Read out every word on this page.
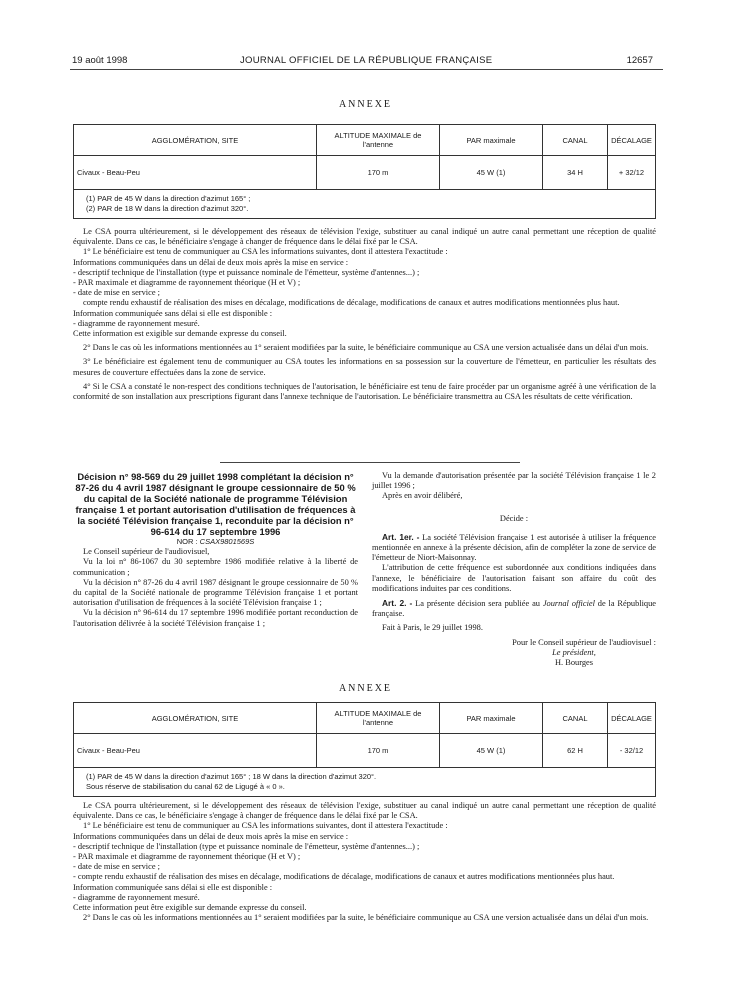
19 août 1998	JOURNAL OFFICIEL DE LA RÉPUBLIQUE FRANÇAISE	12657
ANNEXE
AGGLOMÉRATION, SITE	ALTITUDE MAXIMALE de l'antenne	PAR maximale	CANAL	DÉCALAGE
Civaux - Beau-Peu	170 m	45 W (1)	34 H	+ 32/12

(1) PAR de 45 W dans la direction d'azimut 165° ;
(2) PAR de 18 W dans la direction d'azimut 320°.				

Le CSA pourra ultérieurement, si le développement des réseaux de télévision l'exige, substituer au canal indiqué un autre canal permettant une réception de qualité équivalente. Dans ce cas, le bénéficiaire s'engage à changer de fréquence dans le délai fixé par le CSA.

1° Le bénéficiaire est tenu de communiquer au CSA les informations suivantes, dont il attestera l'exactitude :

Informations communiquées dans un délai de deux mois après la mise en service :

- descriptif technique de l'installation (type et puissance nominale de l'émetteur, système d'antennes...) ;

- PAR maximale et diagramme de rayonnement théorique (H et V) ;

- date de mise en service ;

compte rendu exhaustif de réalisation des mises en décalage, modifications de décalage, modifications de canaux et autres modifications mentionnées plus haut.

Information communiquée sans délai si elle est disponible :

- diagramme de rayonnement mesuré.

Cette information est exigible sur demande expresse du conseil.

2° Dans le cas où les informations mentionnées au 1° seraient modifiées par la suite, le bénéficiaire communique au CSA une version actualisée dans un délai d'un mois.

3° Le bénéficiaire est également tenu de communiquer au CSA toutes les informations en sa possession sur la couverture de l'émetteur, en particulier les résultats des mesures de couverture effectuées dans la zone de service.

4° Si le CSA a constaté le non-respect des conditions techniques de l'autorisation, le bénéficiaire est tenu de faire procéder par un organisme agréé à une vérification de la conformité de son installation aux prescriptions figurant dans l'annexe technique de l'autorisation. Le bénéficiaire transmettra au CSA les résultats de cette vérification.

Décision n° 98-569 du 29 juillet 1998 complétant la décision n° 87-26 du 4 avril 1987 désignant le groupe cessionnaire de 50 % du capital de la Société nationale de programme Télévision française 1 et portant autorisation d'utilisation de fréquences à la société Télévision française 1, reconduite par la décision n° 96-614 du 17 septembre 1996

NOR : CSAX9801569S

Le Conseil supérieur de l'audiovisuel,

Vu la loi n° 86-1067 du 30 septembre 1986 modifiée relative à la liberté de communication ;

Vu la décision n° 87-26 du 4 avril 1987 désignant le groupe cessionnaire de 50 % du capital de la Société nationale de programme Télévision française 1 et portant autorisation d'utilisation de fréquences à la société Télévision française 1 ;

Vu la décision n° 96-614 du 17 septembre 1996 modifiée portant reconduction de l'autorisation délivrée à la société Télévision française 1 ;

Vu la demande d'autorisation présentée par la société Télévision française 1 le 2 juillet 1996 ;

Après en avoir délibéré,

Décide :

Art. 1er. - La société Télévision française 1 est autorisée à utiliser la fréquence mentionnée en annexe à la présente décision, afin de compléter la zone de service de l'émetteur de Niort-Maisonnay.

L'attribution de cette fréquence est subordonnée aux conditions indiquées dans l'annexe, le bénéficiaire de l'autorisation faisant son affaire du coût des modifications induites par ces conditions.

Art. 2. - La présente décision sera publiée au Journal officiel de la République française.

Fait à Paris, le 29 juillet 1998.

Pour le Conseil supérieur de l'audiovisuel :

Le président,

H. Bourges

ANNEXE
AGGLOMÉRATION, SITE	ALTITUDE MAXIMALE de l'antenne	PAR maximale	CANAL	DÉCALAGE
Civaux - Beau-Peu	170 m	45 W (1)	62 H	- 32/12

(1) PAR de 45 W dans la direction d'azimut 165° ; 18 W dans la direction d'azimut 320°.
Sous réserve de stabilisation du canal 62 de Ligugé à « 0 ».				

Le CSA pourra ultérieurement, si le développement des réseaux de télévision l'exige, substituer au canal indiqué un autre canal permettant une réception de qualité équivalente. Dans ce cas, le bénéficiaire s'engage à changer de fréquence dans le délai fixé par le CSA.

1° Le bénéficiaire est tenu de communiquer au CSA les informations suivantes, dont il attestera l'exactitude :

Informations communiquées dans un délai de deux mois après la mise en service :

- descriptif technique de l'installation (type et puissance nominale de l'émetteur, système d'antennes...) ;

- PAR maximale et diagramme de rayonnement théorique (H et V) ;

- date de mise en service ;

- compte rendu exhaustif de réalisation des mises en décalage, modifications de décalage, modifications de canaux et autres modifications mentionnées plus haut.

Information communiquée sans délai si elle est disponible :

- diagramme de rayonnement mesuré.

Cette information peut être exigible sur demande expresse du conseil.

2° Dans le cas où les informations mentionnées au 1° seraient modifiées par la suite, le bénéficiaire communique au CSA une version actualisée dans un délai d'un mois.
